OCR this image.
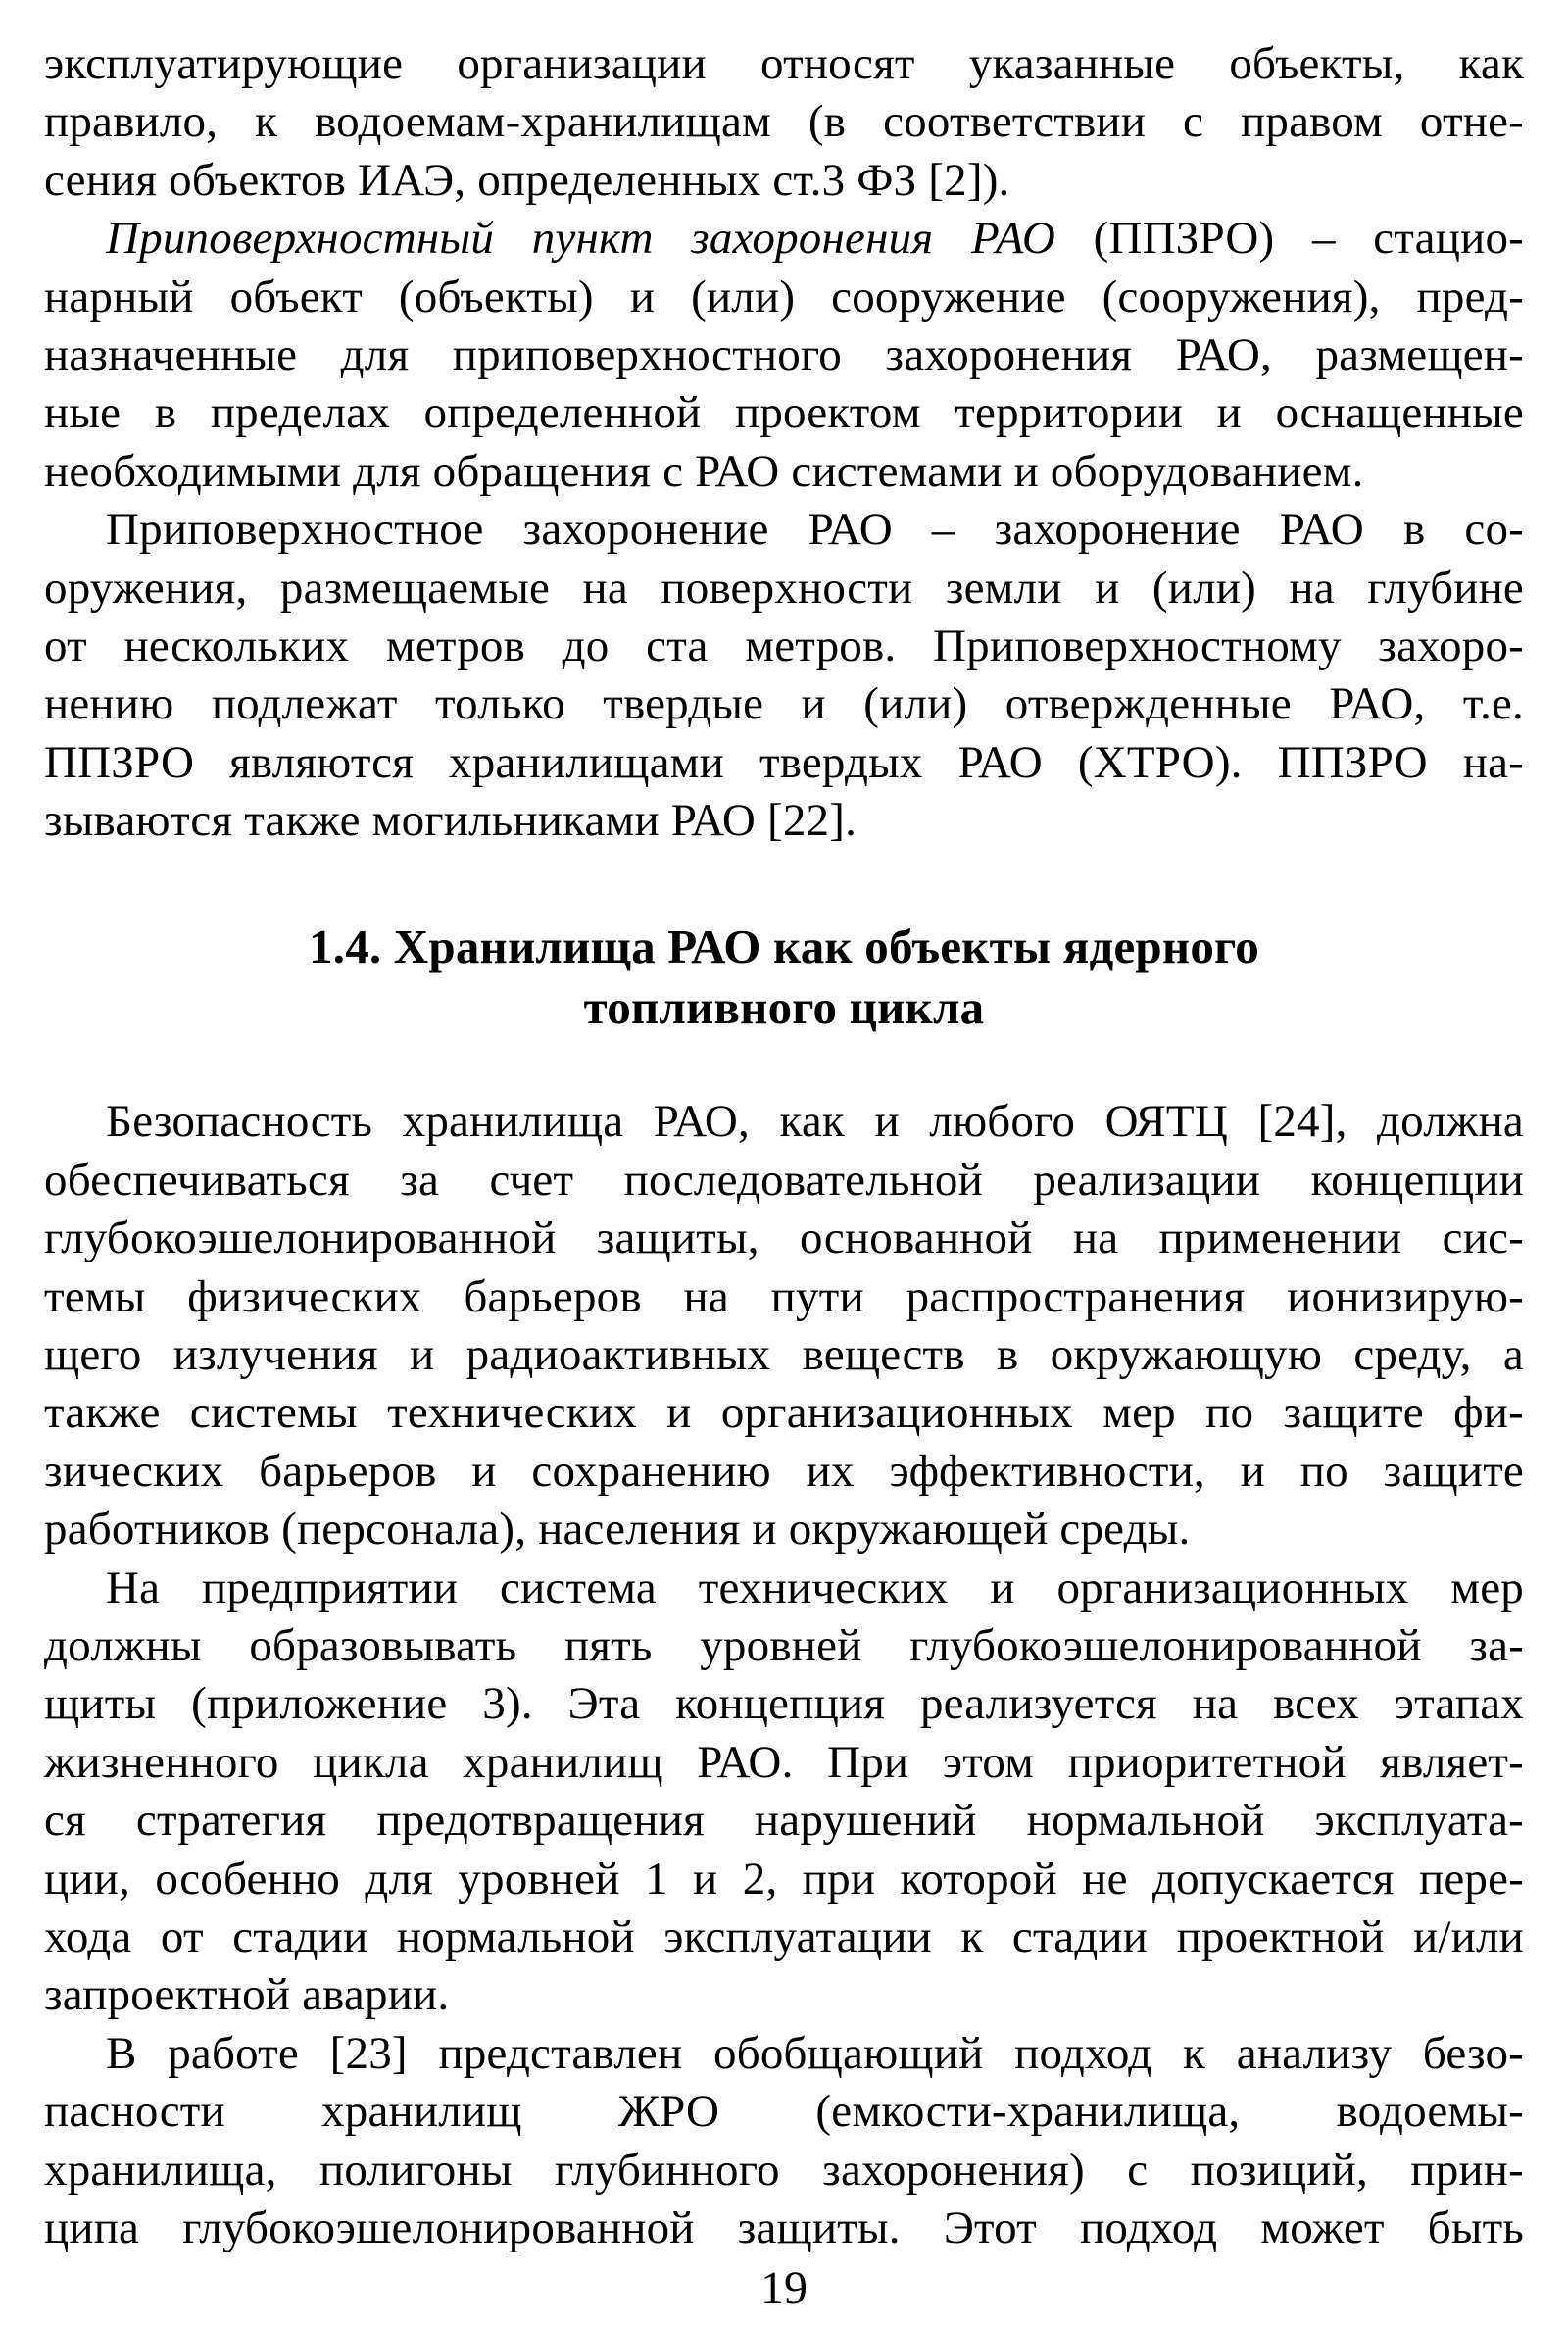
эксплуатирующие организации относят указанные объекты, как
правило, к водоемам-хранилищам (в соответствии с правом отне-
сения объектов ИАЭ, определенных ст.3 ФЗ [2]).
Приповерхностный пункт захоронения РАО (ППЗРО) – стацио-
нарный объект (объекты) и (или) сооружение (сооружения), пред-
назначенные для приповерхностного захоронения РАО, размещен-
ные в пределах определенной проектом территории и оснащенные
необходимыми для обращения с РАО системами и оборудованием.
Приповерхностное захоронение РАО – захоронение РАО в со-
оружения, размещаемые на поверхности земли и (или) на глубине
от нескольких метров до ста метров. Приповерхностному захоро-
нению подлежат только твердые и (или) отвержденные РАО, т.е.
ППЗРО являются хранилищами твердых РАО (ХТРО). ППЗРО на-
зываются также могильниками РАО [22].
1.4. Хранилища РАО как объекты ядерного
топливного цикла
Безопасность хранилища РАО, как и любого ОЯТЦ [24], должна
обеспечиваться за счет последовательной реализации концепции
глубокоэшелонированной защиты, основанной на применении сис-
темы физических барьеров на пути распространения ионизирую-
щего излучения и радиоактивных веществ в окружающую среду, а
также системы технических и организационных мер по защите фи-
зических барьеров и сохранению их эффективности, и по защите
работников (персонала), населения и окружающей среды.
На предприятии система технических и организационных мер
должны образовывать пять уровней глубокоэшелонированной за-
щиты (приложение 3). Эта концепция реализуется на всех этапах
жизненного цикла хранилищ РАО. При этом приоритетной являет-
ся стратегия предотвращения нарушений нормальной эксплуата-
ции, особенно для уровней 1 и 2, при которой не допускается пере-
хода от стадии нормальной эксплуатации к стадии проектной и/или
запроектной аварии.
В работе [23] представлен обобщающий подход к анализу безо-
пасности хранилищ ЖРО (емкости-хранилища, водоемы-
хранилища, полигоны глубинного захоронения) с позиций, прин-
ципа глубокоэшелонированной защиты. Этот подход может быть
19
